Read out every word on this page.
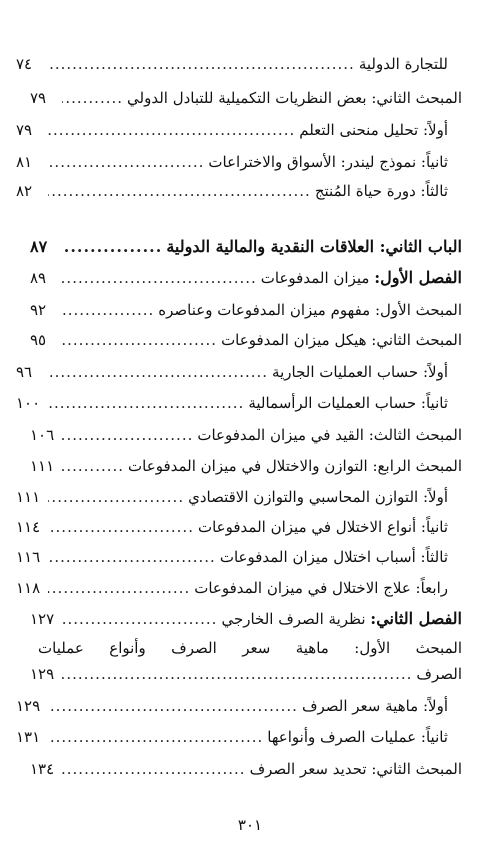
للتجارة الدولية
.....
٧٤
المبحث الثاني: بعض النظريات التكميلية للتبادل الدولي
.....
٧٩
أولاً: تحليل منحنى التعلم
.....
٧٩
ثانياً: نموذج ليندر: الأسواق والاختراعات
.....
٨١
ثالثاً: دورة حياة المُنتج
.....
٨٢
الباب الثاني: العلاقات النقدية والمالية الدولية
.....
٨٧
الفصل الأول: ميزان المدفوعات
.....
٨٩
المبحث الأول: مفهوم ميزان المدفوعات وعناصره
.....
٩٢
المبحث الثاني: هيكل ميزان المدفوعات
.....
٩٥
أولاً: حساب العمليات الجارية
.....
٩٦
ثانياً: حساب العمليات الرأسمالية
.....
١٠٠
المبحث الثالث: القيد في ميزان المدفوعات
.....
١٠٦
المبحث الرابع: التوازن والاختلال في ميزان المدفوعات
.....
١١١
أولاً: التوازن المحاسبي والتوازن الاقتصادي
.....
١١١
ثانياً: أنواع الاختلال في ميزان المدفوعات
.....
١١٤
ثالثاً: أسباب اختلال ميزان المدفوعات
.....
١١٦
رابعاً: علاج الاختلال في ميزان المدفوعات
.....
١١٨
الفصل الثاني: نظرية الصرف الخارجي
.....
١٢٧
المبحث الأول: ماهية سعر الصرف وأنواع عمليات
الصرف
.....
١٢٩
أولاً: ماهية سعر الصرف
.....
١٢٩
ثانياً: عمليات الصرف وأنواعها
.....
١٣١
المبحث الثاني: تحديد سعر الصرف
.....
١٣٤
٣٠١
